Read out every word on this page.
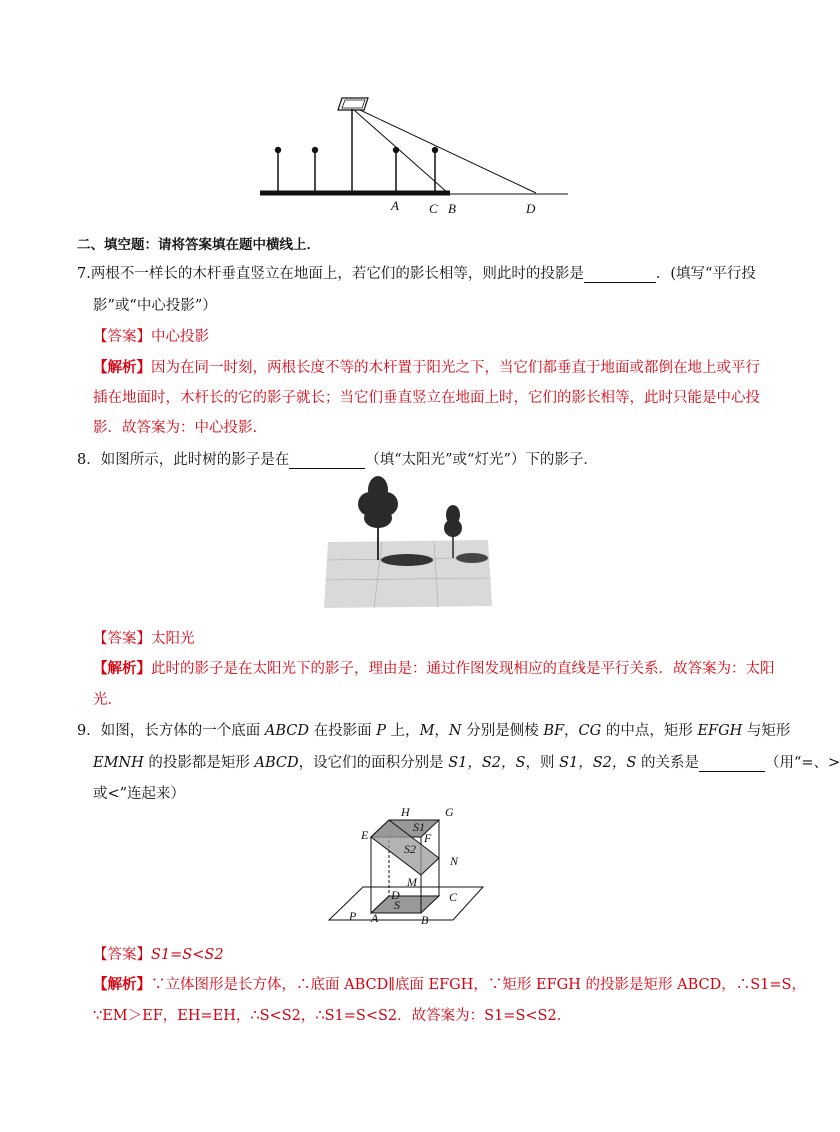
A C B	D
二、填空题：请将答案填在题中横线上．
7.两根不一样长的木杆垂直竖立在地面上，若它们的影长相等，则此时的投影是	．(填写“平行投
影”或“中心投影”）
【答案】中心投影
【解析】因为在同一时刻，两根长度不等的木杆置于阳光之下，当它们都垂直于地面或都倒在地上或平行
插在地面时，木杆长的它的影子就长；当它们垂直竖立在地面上时，它们的影长相等，此时只能是中心投
影．故答案为：中心投影.
8．如图所示，此时树的影子是在	（填“太阳光”或“灯光”）下的影子．
【答案】太阳光
【解析】此时的影子是在太阳光下的影子，理由是：通过作图发现相应的直线是平行关系．故答案为：太阳
光．
9．如图，长方体的一个底面 ABCD 在投影面 P 上，M，N 分别是侧棱 BF，CG 的中点，矩形 EFGH 与矩形
EMNH 的投影都是矩形 ABCD，设它们的面积分别是 S1，S2，S，则 S1，S2，S 的关系是	（用“=、>
或<”连起来）
H	G
S1
E	F
S2
N
M
D	C
S
P A	B
【答案】S1=S<S2
【解析】∵立体图形是长方体，∴底面 ABCD∥底面 EFGH，∵矩形 EFGH 的投影是矩形 ABCD，∴S1=S，
∵EM＞EF，EH=EH，∴S<S2，∴S1=S<S2．故答案为：S1=S<S2．
